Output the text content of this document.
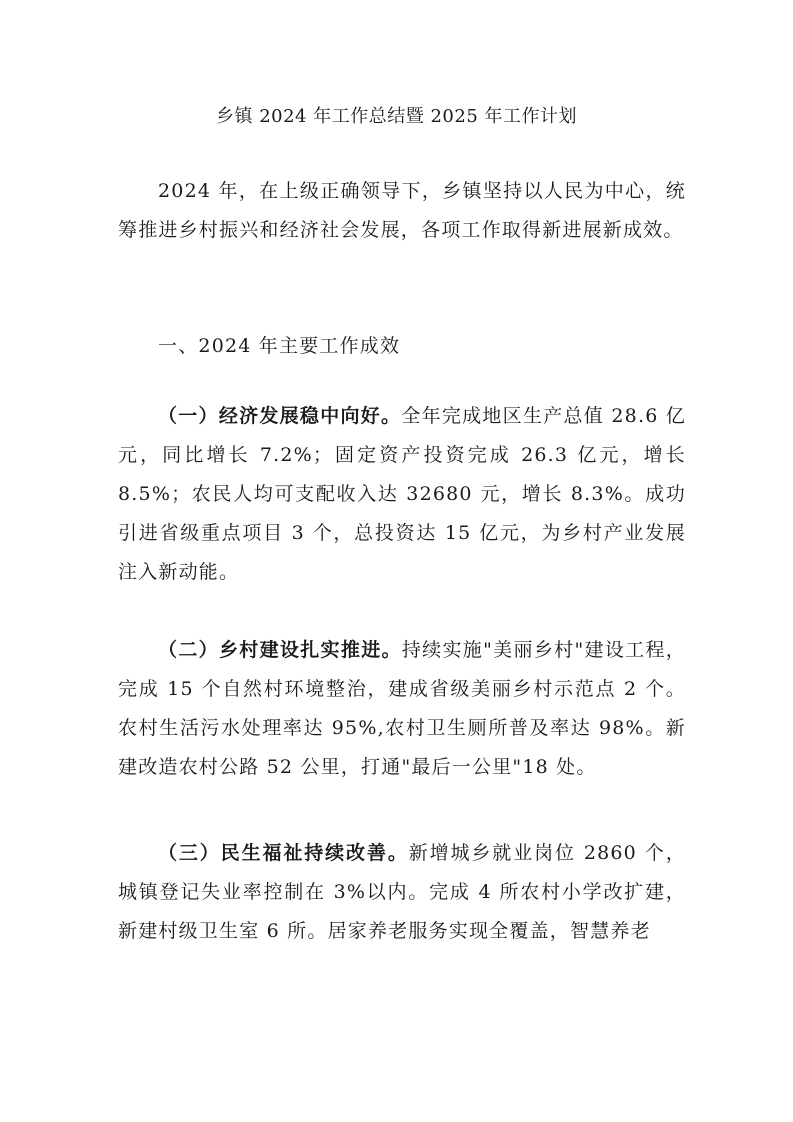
乡镇 2024 年工作总结暨 2025 年工作计划

2024 年，在上级正确领导下，乡镇坚持以人民为中心，统筹推进乡村振兴和经济社会发展，各项工作取得新进展新成效。

一、2024 年主要工作成效

（一）经济发展稳中向好。全年完成地区生产总值 28.6 亿元，同比增长 7.2%；固定资产投资完成 26.3 亿元，增长 8.5%；农民人均可支配收入达 32680 元，增长 8.3%。成功引进省级重点项目 3 个，总投资达 15 亿元，为乡村产业发展注入新动能。

（二）乡村建设扎实推进。持续实施"美丽乡村"建设工程，完成 15 个自然村环境整治，建成省级美丽乡村示范点 2 个。农村生活污水处理率达 95%,农村卫生厕所普及率达 98%。新建改造农村公路 52 公里，打通"最后一公里"18 处。

（三）民生福祉持续改善。新增城乡就业岗位 2860 个，城镇登记失业率控制在 3%以内。完成 4 所农村小学改扩建，新建村级卫生室 6 所。居家养老服务实现全覆盖，智慧养老
